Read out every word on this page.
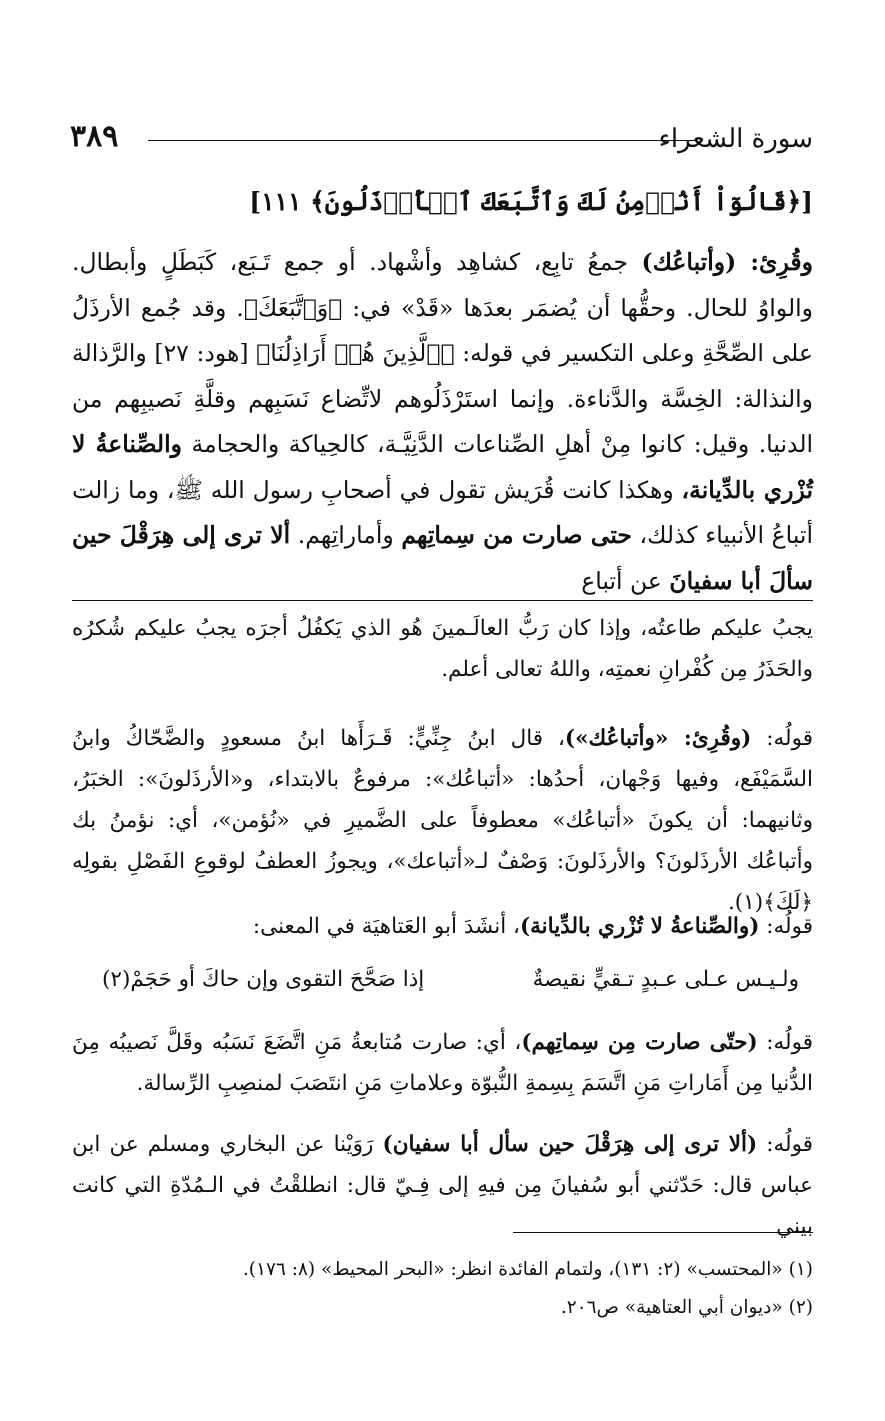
٣٨٩	سورة الشعراء
[﴿قَالُوٓاْ أَنُؤۡمِنُ لَكَ وَٱتَّبَعَكَ ٱلۡأَرۡذَلُونَ﴾ ١١١]

وقُرِئ: (وأتباعُك) جمعُ تابِع، كشاهِد وأشْهاد. أو جمع تَـبَع، كَبَطَلٍ وأبطال. والواوُ للحال. وحقُّها أن يُضمَر بعدَها «قَدْ» في: ﴿وَٱتَّبَعَكَ﴾. وقد جُمع الأرذَلُ على الصِّحَّةِ وعلى التكسير في قوله: ﴿ٱلَّذِينَ هُمۡ أَرَاذِلُنَا﴾ [هود: ٢٧] والرَّذالة والنذالة: الخِسَّة والدَّناءة. وإنما استَرْذَلُوهم لاتِّضاع نَسَبِهم وقلَّةِ نَصيبِهم من الدنيا. وقيل: كانوا مِنْ أهلِ الصِّناعات الدَّنِيَّـة، كالحِياكة والحجامة والصِّناعةُ لا تُزْري بالدِّيانة، وهكذا كانت قُرَيش تقول في أصحابِ رسول الله ﷺ، وما زالت أتباعُ الأنبياء كذلك، حتى صارت من سِماتِهم وأماراتِهم. ألا ترى إلى هِرَقْلَ حين سألَ أبا سفيانَ عن أتباع

يجبُ عليكم طاعتُه، وإذا كان رَبُّ العالَـمينَ هُو الذي يَكفُلُ أجرَه يجبُ عليكم شُكرُه والحَذَرُ مِن كُفْرانِ نعمتِه، واللهُ تعالى أعلم.

قولُه: (وقُرِئ: «وأتباعُك»)، قال ابنُ جِنِّيٍّ: قَـرَأَها ابنُ مسعودٍ والضَّحّاكُ وابنُ السَّمَيْفَع، وفيها وَجْهان، أحدُها: «أتباعُك»: مرفوعٌ بالابتداء، و«الأرذَلونَ»: الخبَرُ، وثانيهما: أن يكونَ «أتباعُك» معطوفاً على الضَّميرِ في «نُؤمن»، أي: نؤمنُ بك وأتباعُك الأرذَلونَ؟ والأرذَلونَ: وَصْفٌ لـ«أتباعك»، ويجوزُ العطفُ لوقوعِ الفَصْلِ بقولِه ﴿لَكَ﴾(١).

قولُه: (والصِّناعةُ لا تُزْري بالدِّيانة)، أنشَدَ أبو العَتاهيَة في المعنى:

ولـيـس عـلى عـبدٍ تـقيٍّ نقيصةٌ
إذا صَحَّحَ التقوى وإن حاكَ أو حَجَمْ(٢)

قولُه: (حتّى صارت مِن سِماتِهم)، أي: صارت مُتابعةُ مَنِ اتَّضَعَ نَسَبُه وقَلَّ نَصيبُه مِنَ الدُّنيا مِن أَمَاراتِ مَنِ اتَّسَمَ بِسِمةِ النُّبوّة وعلاماتِ مَنِ انتَصَبَ لمنصِبِ الرِّسالة.

قولُه: (ألا ترى إلى هِرَقْلَ حين سأل أبا سفيان) رَوَيْنا عن البخاري ومسلم عن ابن عباس قال: حَدّثني أبو سُفيانَ مِن فيهِ إلى فِـيّ قال: انطلقْتُ في الـمُدّةِ التي كانت بيني

(١) «المحتسب» (٢: ١٣١)، ولتمام الفائدة انظر: «البحر المحيط» (٨: ١٧٦).
(٢) «ديوان أبي العتاهية» ص٢٠٦.
